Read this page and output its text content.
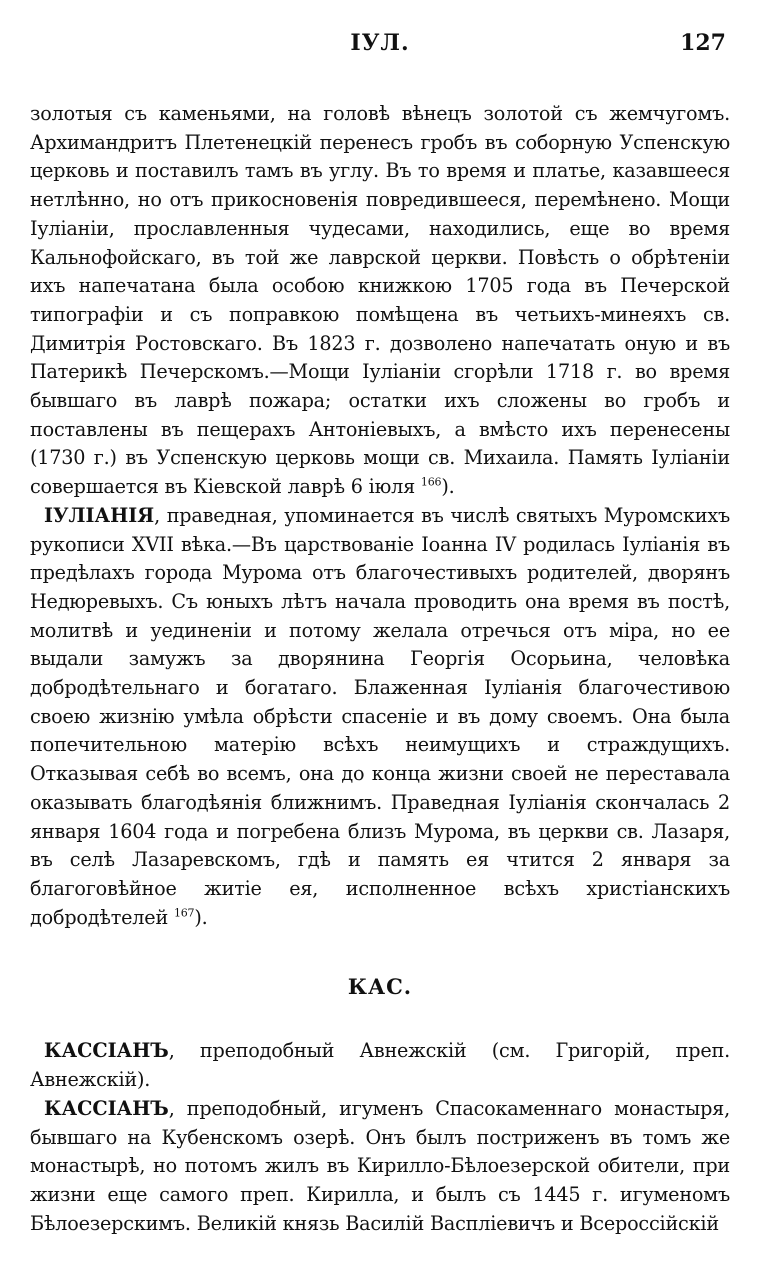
ІУЛ.	127

золотыя съ каменьями, на головѣ вѣнецъ золотой съ жемчугомъ. Архимандритъ Плетенецкій перенесъ гробъ въ соборную Успенскую церковь и поставилъ тамъ въ углу. Въ то время и платье, казавшееся нетлѣнно, но отъ прикосновенія повредившееся, перемѣнено. Мощи Іуліаніи, прославленныя чудесами, находились, еще во время Кальнофойскаго, въ той же лаврской церкви. Повѣсть о обрѣтеніи ихъ напечатана была особою книжкою 1705 года въ Печерской типографіи и съ поправкою помѣщена въ четьихъ-минеяхъ св. Димитрія Ростовскаго. Въ 1823 г. дозволено напечатать оную и въ Патерикѣ Печерскомъ.—Мощи Іуліаніи сгорѣли 1718 г. во время бывшаго въ лаврѣ пожара; остатки ихъ сложены во гробъ и поставлены въ пещерахъ Антоніевыхъ, а вмѣсто ихъ перенесены (1730 г.) въ Успенскую церковь мощи св. Михаила. Память Іуліаніи совершается въ Кіевской лаврѣ 6 іюля $^{166}$).

ІУЛІАНІЯ, праведная, упоминается въ числѣ святыхъ Муромскихъ рукописи XVII вѣка.—Въ царствованіе Іоанна IV родилась Іуліанія въ предѣлахъ города Мурома отъ благочестивыхъ родителей, дворянъ Недюревыхъ. Съ юныхъ лѣтъ начала проводить она время въ постѣ, молитвѣ и уединеніи и потому желала отречься отъ міра, но ее выдали замужъ за дворянина Георгія Осорьина, человѣка добродѣтельнаго и богатаго. Блаженная Іуліанія благочестивою своею жизнію умѣла обрѣсти спасеніе и въ дому своемъ. Она была попечительною матерію всѣхъ неимущихъ и страждущихъ. Отказывая себѣ во всемъ, она до конца жизни своей не переставала оказывать благодѣянія ближнимъ. Праведная Іуліанія скончалась 2 января 1604 года и погребена близъ Мурома, въ церкви св. Лазаря, въ селѣ Лазаревскомъ, гдѣ и память ея чтится 2 января за благоговѣйное житіе ея, исполненное всѣхъ христіанскихъ добродѣтелей $^{167}$).

КАС.

КАССІАНЪ, преподобный Авнежскій (см. Григорій, преп. Авнежскій).

КАССІАНЪ, преподобный, игуменъ Спасокаменнаго монастыря, бывшаго на Кубенскомъ озерѣ. Онъ былъ постриженъ въ томъ же монастырѣ, но потомъ жилъ въ Кирилло-Бѣлоезерской обители, при жизни еще самого преп. Кирилла, и былъ съ 1445 г. игуменомъ Бѣлоезерскимъ. Великій князь Василій Васпліевичъ и Всероссійскій
